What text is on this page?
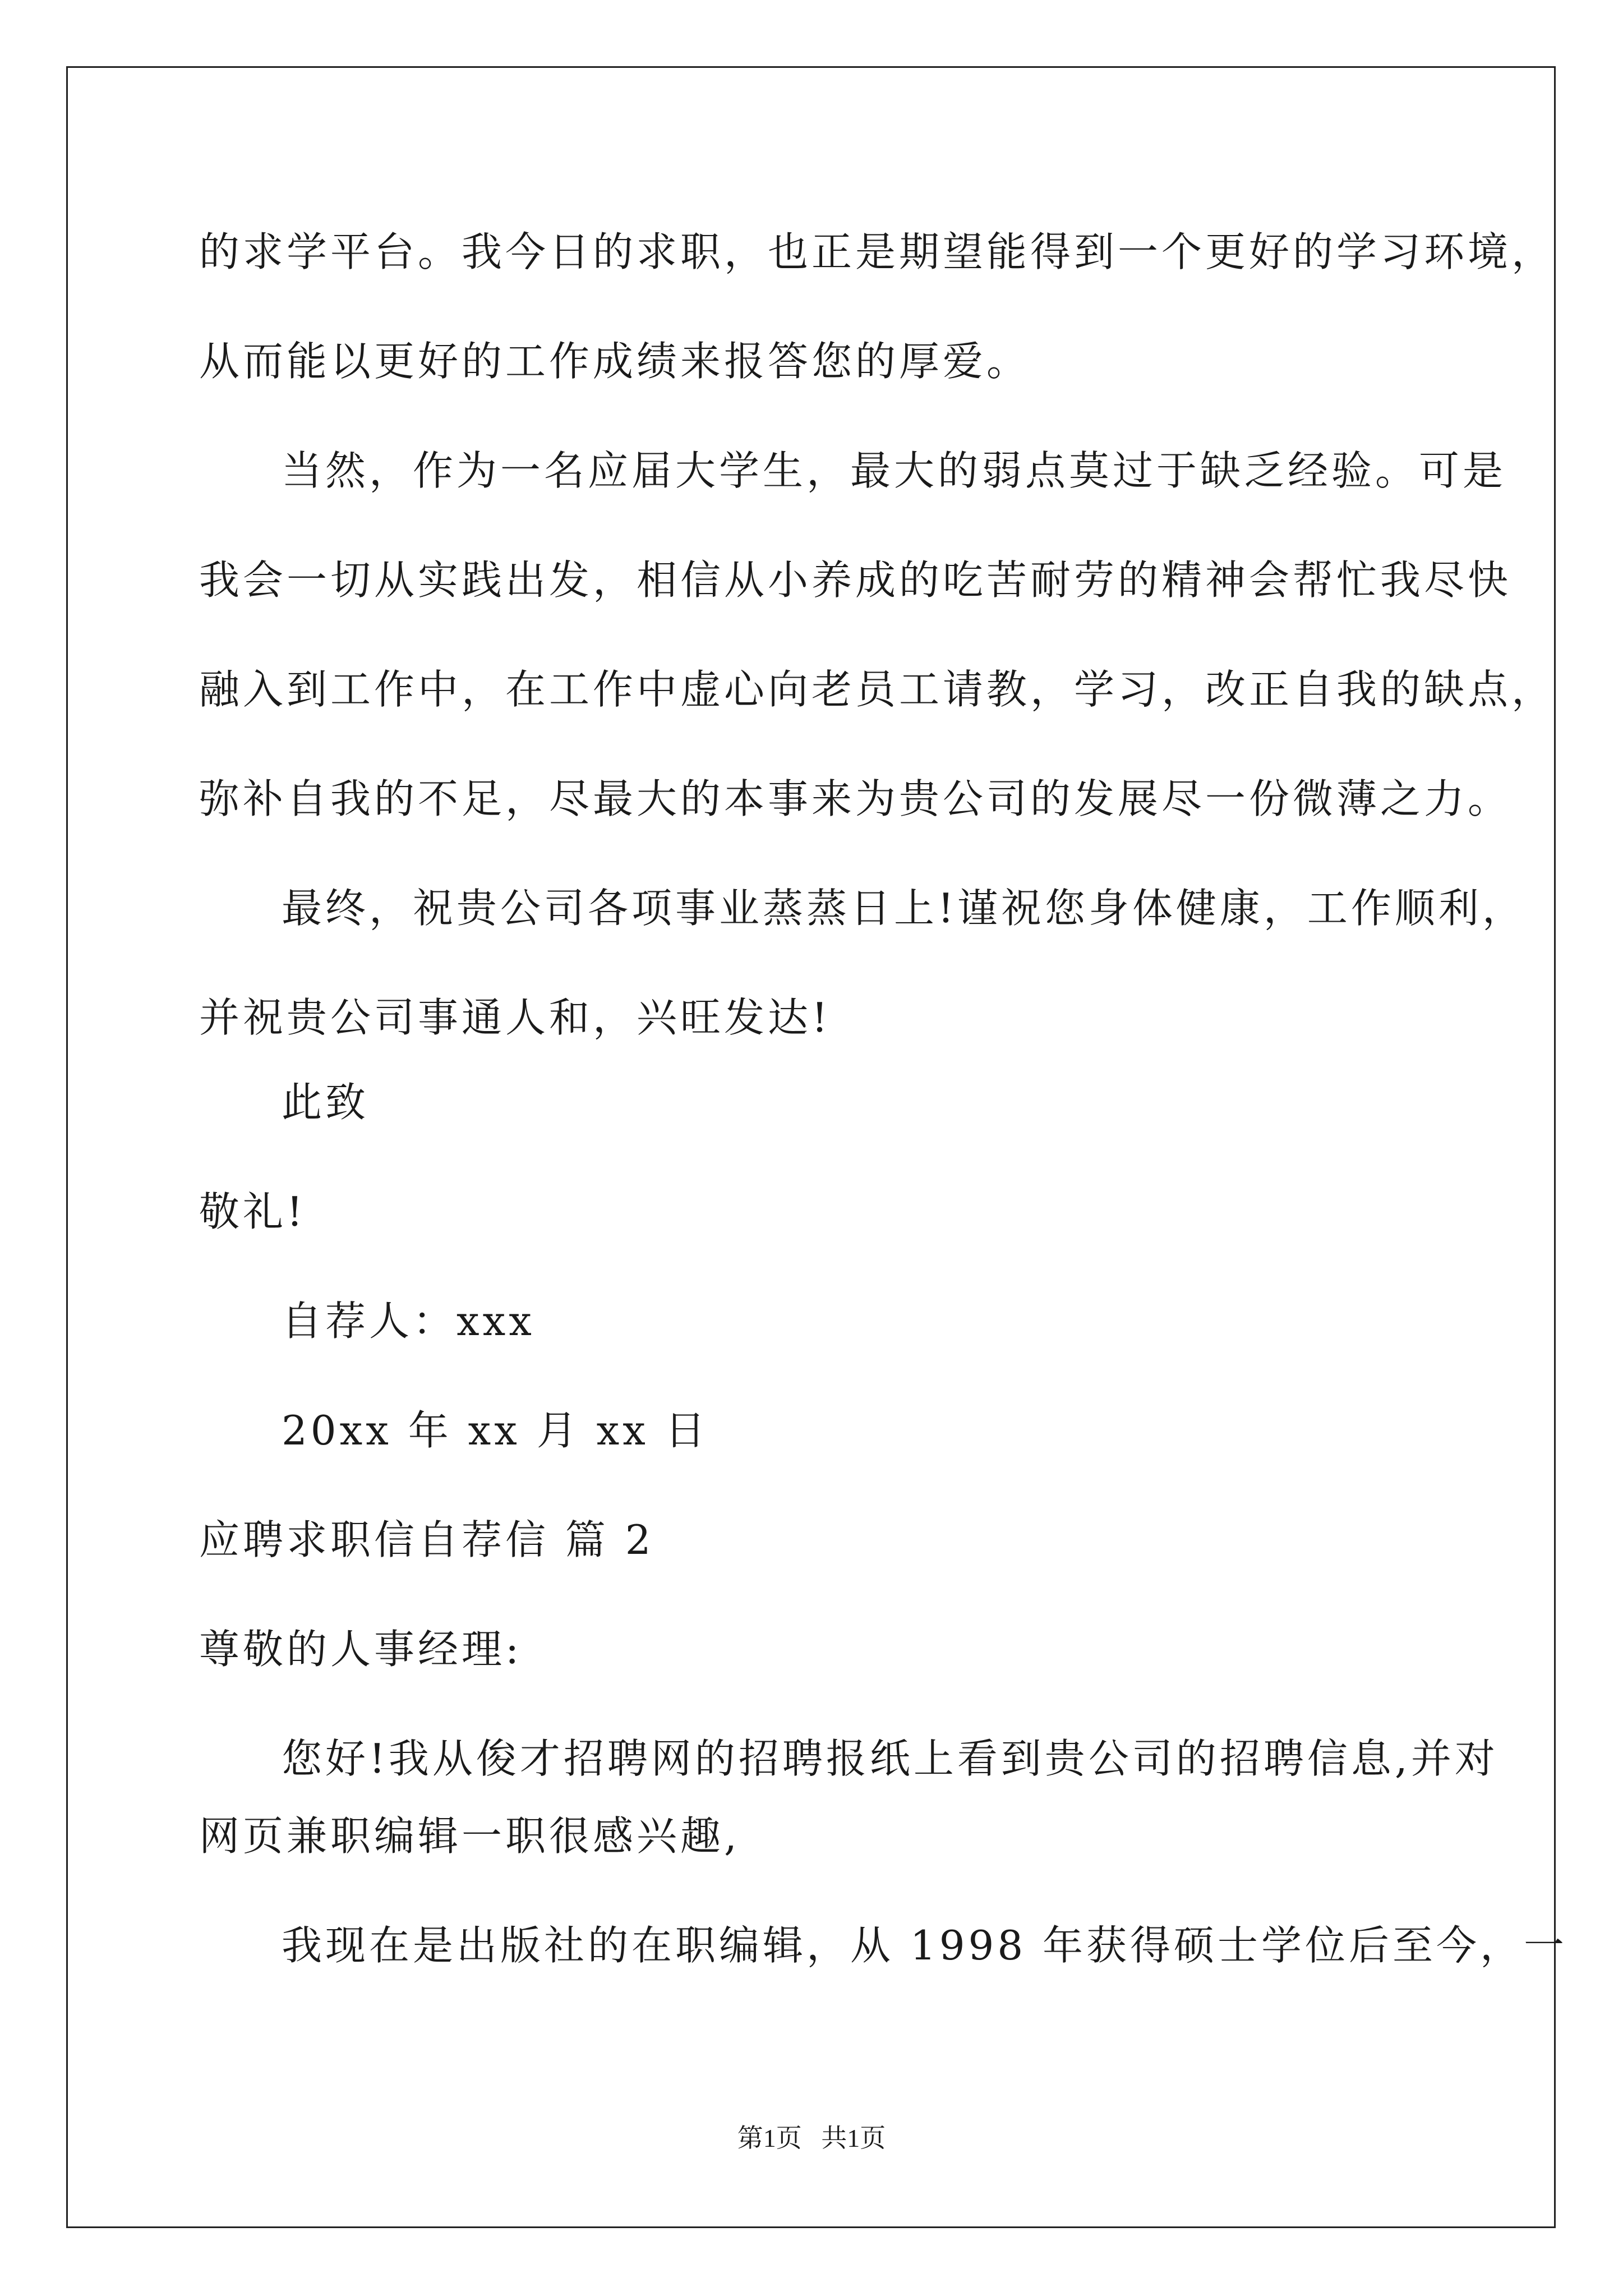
的求学平台。我今日的求职，也正是期望能得到一个更好的学习环境，
从而能以更好的工作成绩来报答您的厚爱。
当然，作为一名应届大学生，最大的弱点莫过于缺乏经验。可是
我会一切从实践出发，相信从小养成的吃苦耐劳的精神会帮忙我尽快
融入到工作中，在工作中虚心向老员工请教，学习，改正自我的缺点，
弥补自我的不足，尽最大的本事来为贵公司的发展尽一份微薄之力。
最终，祝贵公司各项事业蒸蒸日上!谨祝您身体健康，工作顺利，
并祝贵公司事通人和，兴旺发达!
此致
敬礼!
自荐人：xxx
20xx 年 xx 月 xx 日
应聘求职信自荐信 篇 2
尊敬的人事经理:
您好!我从俊才招聘网的招聘报纸上看到贵公司的招聘信息,并对
网页兼职编辑一职很感兴趣,
我现在是出版社的在职编辑，从 1998 年获得硕士学位后至今，一
第1页   共1页
